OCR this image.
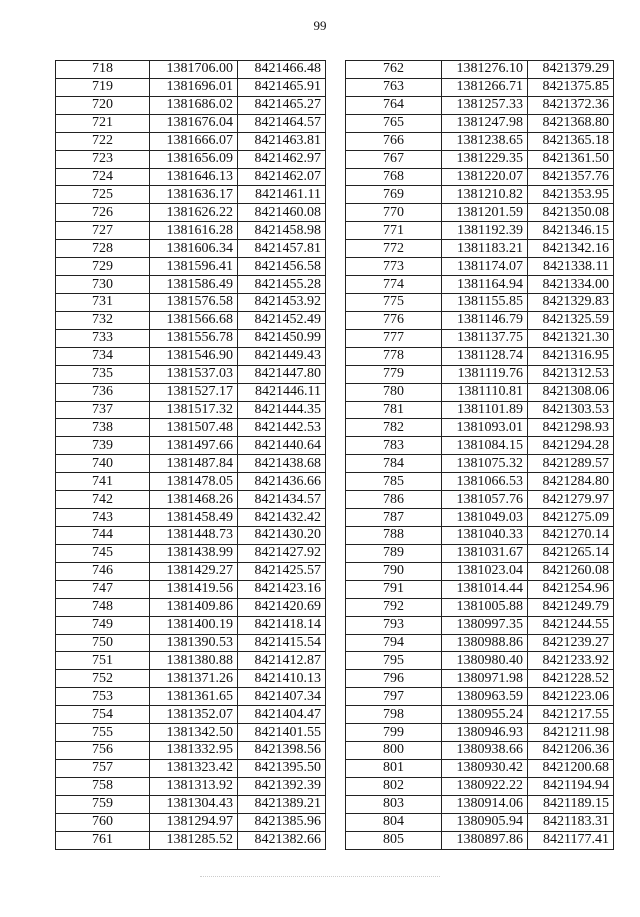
99
718	1381706.00	8421466.48
719	1381696.01	8421465.91
720	1381686.02	8421465.27
721	1381676.04	8421464.57
722	1381666.07	8421463.81
723	1381656.09	8421462.97
724	1381646.13	8421462.07
725	1381636.17	8421461.11
726	1381626.22	8421460.08
727	1381616.28	8421458.98
728	1381606.34	8421457.81
729	1381596.41	8421456.58
730	1381586.49	8421455.28
731	1381576.58	8421453.92
732	1381566.68	8421452.49
733	1381556.78	8421450.99
734	1381546.90	8421449.43
735	1381537.03	8421447.80
736	1381527.17	8421446.11
737	1381517.32	8421444.35
738	1381507.48	8421442.53
739	1381497.66	8421440.64
740	1381487.84	8421438.68
741	1381478.05	8421436.66
742	1381468.26	8421434.57
743	1381458.49	8421432.42
744	1381448.73	8421430.20
745	1381438.99	8421427.92
746	1381429.27	8421425.57
747	1381419.56	8421423.16
748	1381409.86	8421420.69
749	1381400.19	8421418.14
750	1381390.53	8421415.54
751	1381380.88	8421412.87
752	1381371.26	8421410.13
753	1381361.65	8421407.34
754	1381352.07	8421404.47
755	1381342.50	8421401.55
756	1381332.95	8421398.56
757	1381323.42	8421395.50
758	1381313.92	8421392.39
759	1381304.43	8421389.21
760	1381294.97	8421385.96
761	1381285.52	8421382.66
762	1381276.10	8421379.29
763	1381266.71	8421375.85
764	1381257.33	8421372.36
765	1381247.98	8421368.80
766	1381238.65	8421365.18
767	1381229.35	8421361.50
768	1381220.07	8421357.76
769	1381210.82	8421353.95
770	1381201.59	8421350.08
771	1381192.39	8421346.15
772	1381183.21	8421342.16
773	1381174.07	8421338.11
774	1381164.94	8421334.00
775	1381155.85	8421329.83
776	1381146.79	8421325.59
777	1381137.75	8421321.30
778	1381128.74	8421316.95
779	1381119.76	8421312.53
780	1381110.81	8421308.06
781	1381101.89	8421303.53
782	1381093.01	8421298.93
783	1381084.15	8421294.28
784	1381075.32	8421289.57
785	1381066.53	8421284.80
786	1381057.76	8421279.97
787	1381049.03	8421275.09
788	1381040.33	8421270.14
789	1381031.67	8421265.14
790	1381023.04	8421260.08
791	1381014.44	8421254.96
792	1381005.88	8421249.79
793	1380997.35	8421244.55
794	1380988.86	8421239.27
795	1380980.40	8421233.92
796	1380971.98	8421228.52
797	1380963.59	8421223.06
798	1380955.24	8421217.55
799	1380946.93	8421211.98
800	1380938.66	8421206.36
801	1380930.42	8421200.68
802	1380922.22	8421194.94
803	1380914.06	8421189.15
804	1380905.94	8421183.31
805	1380897.86	8421177.41
